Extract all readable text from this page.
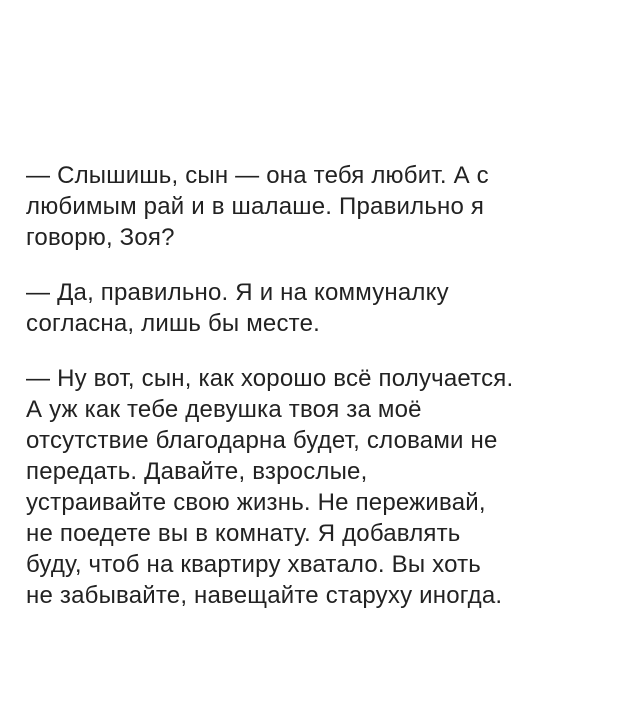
— Слышишь, сын — она тебя любит. А с
любимым рай и в шалаше. Правильно я
говорю, Зоя?
— Да, правильно. Я и на коммуналку
согласна, лишь бы месте.
— Ну вот, сын, как хорошо всё получается.
А уж как тебе девушка твоя за моё
отсутствие благодарна будет, словами не
передать. Давайте, взрослые,
устраивайте свою жизнь. Не переживай,
не поедете вы в комнату. Я добавлять
буду, чтоб на квартиру хватало. Вы хоть
не забывайте, навещайте старуху иногда.
